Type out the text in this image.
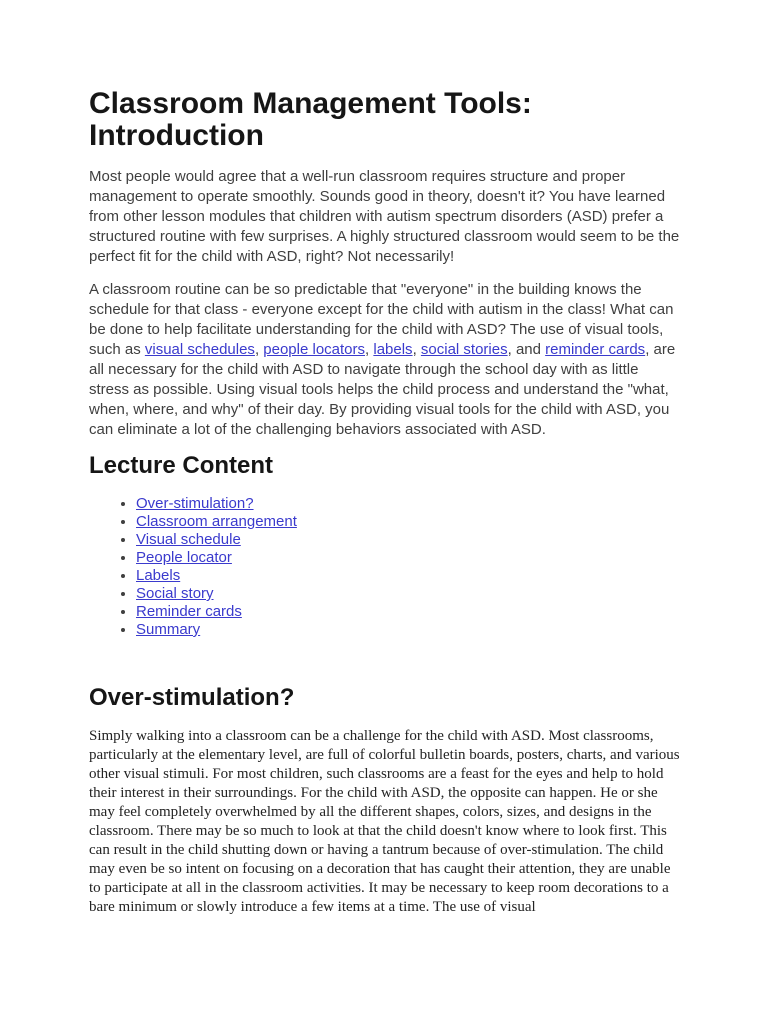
Classroom Management Tools: Introduction

Most people would agree that a well-run classroom requires structure and proper management to operate smoothly. Sounds good in theory, doesn't it? You have learned from other lesson modules that children with autism spectrum disorders (ASD) prefer a structured routine with few surprises. A highly structured classroom would seem to be the perfect fit for the child with ASD, right? Not necessarily!

A classroom routine can be so predictable that "everyone" in the building knows the schedule for that class - everyone except for the child with autism in the class! What can be done to help facilitate understanding for the child with ASD? The use of visual tools, such as visual schedules, people locators, labels, social stories, and reminder cards, are all necessary for the child with ASD to navigate through the school day with as little stress as possible. Using visual tools helps the child process and understand the "what, when, where, and why" of their day. By providing visual tools for the child with ASD, you can eliminate a lot of the challenging behaviors associated with ASD.

Lecture Content
• Over-stimulation?
• Classroom arrangement
• Visual schedule
• People locator
• Labels
• Social story
• Reminder cards
• Summary
Over-stimulation?

Simply walking into a classroom can be a challenge for the child with ASD. Most classrooms, particularly at the elementary level, are full of colorful bulletin boards, posters, charts, and various other visual stimuli. For most children, such classrooms are a feast for the eyes and help to hold their interest in their surroundings. For the child with ASD, the opposite can happen. He or she may feel completely overwhelmed by all the different shapes, colors, sizes, and designs in the classroom. There may be so much to look at that the child doesn't know where to look first. This can result in the child shutting down or having a tantrum because of over-stimulation. The child may even be so intent on focusing on a decoration that has caught their attention, they are unable to participate at all in the classroom activities. It may be necessary to keep room decorations to a bare minimum or slowly introduce a few items at a time. The use of visual
